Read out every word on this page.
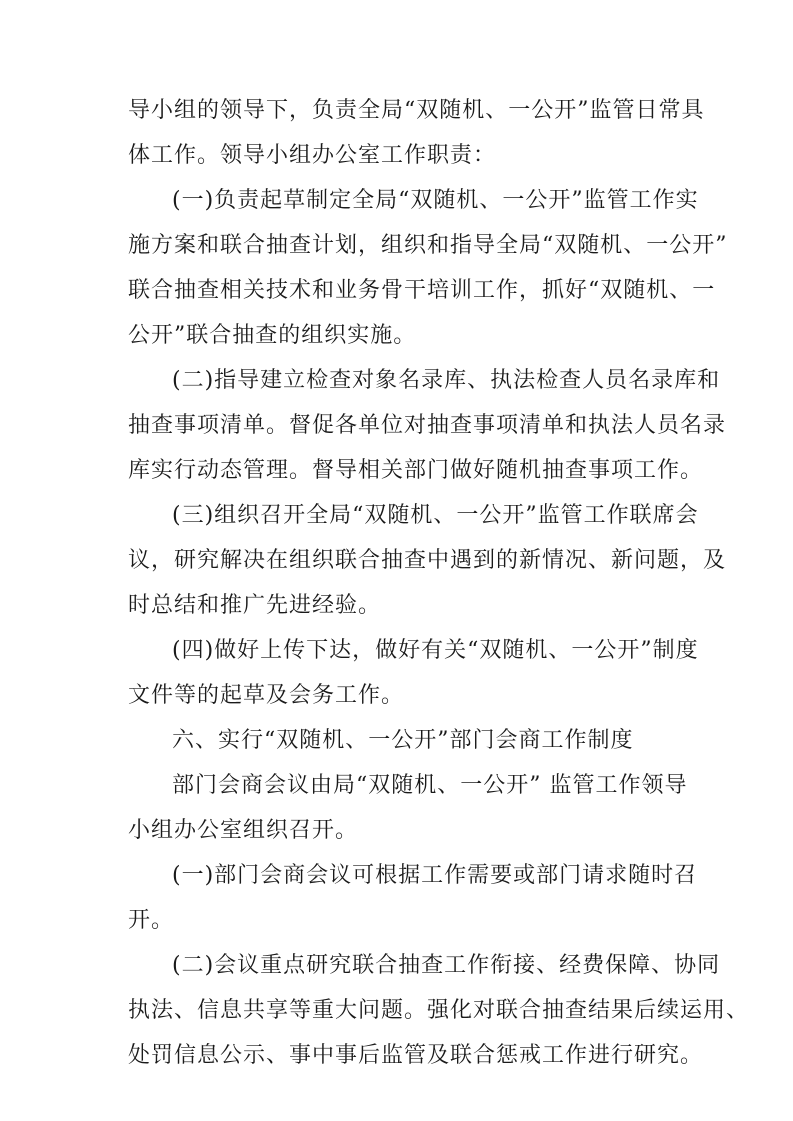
导小组的领导下，负责全局“双随机、一公开”监管日常具

体工作。领导小组办公室工作职责：

(一)负责起草制定全局“双随机、一公开”监管工作实

施方案和联合抽查计划，组织和指导全局“双随机、一公开”

联合抽查相关技术和业务骨干培训工作，抓好“双随机、一

公开”联合抽查的组织实施。

(二)指导建立检查对象名录库、执法检查人员名录库和

抽查事项清单。督促各单位对抽查事项清单和执法人员名录

库实行动态管理。督导相关部门做好随机抽查事项工作。

(三)组织召开全局“双随机、一公开”监管工作联席会

议，研究解决在组织联合抽查中遇到的新情况、新问题，及

时总结和推广先进经验。

(四)做好上传下达，做好有关“双随机、一公开”制度

文件等的起草及会务工作。

六、实行“双随机、一公开”部门会商工作制度

部门会商会议由局“双随机、一公开” 监管工作领导

小组办公室组织召开。

(一)部门会商会议可根据工作需要或部门请求随时召

开。

(二)会议重点研究联合抽查工作衔接、经费保障、协同

执法、信息共享等重大问题。强化对联合抽查结果后续运用、

处罚信息公示、事中事后监管及联合惩戒工作进行研究。
